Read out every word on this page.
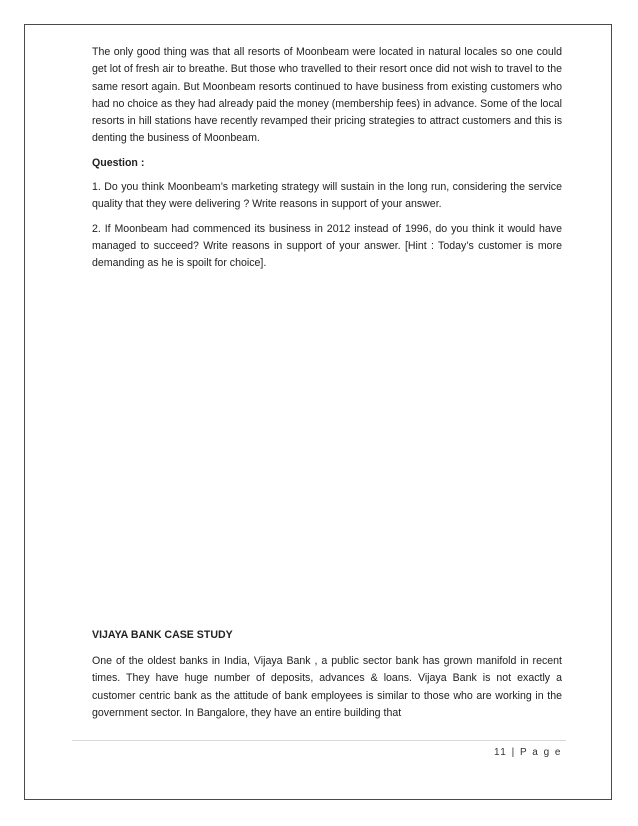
The only good thing was that all resorts of Moonbeam were located in natural locales so one could get lot of fresh air to breathe. But those who travelled to their resort once did not wish to travel to the same resort again. But Moonbeam resorts continued to have business from existing customers who had no choice as they had already paid the money (membership fees) in advance. Some of the local resorts in hill stations have recently revamped their pricing strategies to attract customers and this is denting the business of Moonbeam.

Question :

1. Do you think Moonbeam’s marketing strategy will sustain in the long run, considering the service quality that they were delivering ? Write reasons in support of your answer.

2. If Moonbeam had commenced its business in 2012 instead of 1996, do you think it would have managed to succeed? Write reasons in support of your answer. [Hint : Today’s customer is more demanding as he is spoilt for choice].

VIJAYA BANK CASE STUDY

One of the oldest banks in India, Vijaya Bank , a public sector bank has grown manifold in recent times. They have huge number of deposits, advances & loans. Vijaya Bank is not exactly a customer centric bank as the attitude of bank employees is similar to those who are working in the government sector. In Bangalore, they have an entire building that

11 | P a g e
